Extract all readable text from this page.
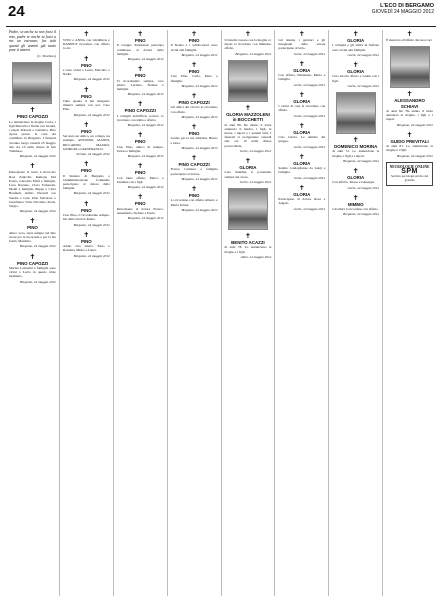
24	L'ECO DI BERGAMO
GIOVEDÌ 24 MAGGIO 2012

Padre, se anche tu non fossi il mio, padre se anche tu fossi a me un estraneo, fra tutti quanti gli uomini già tanto pure ti amerei.

(C. Sbarbaro)
✝
PINO CAPOZZI

Lo annunciano la moglie Lucia, i figli Marcello e Nadia con Gianni, i nipoti Roberta e Gianluca. Pino riposa presso la casa del commiato in Bergamo. I funerali avranno luogo venerdì 25 maggio alle ore 10 nella chiesa di San Tommaso.

Bergamo, 24 maggio 2012
✝

Partecipano al lutto: L'Avvocato Rosi Zanicchi, Ramona Dal Pozzo, Giacomo Mirri e famiglia, Luca Ravasio, Clara Tomasoni, Monti e famiglia, Beppe e Carla Bonfanti, Attilio Viscardi con Sandra e Lele, Pina Salvatore e Gianfranco Vatti, Nicoletta, Paola, Sergio.

Bergamo, 24 maggio 2012
✝
PINO

amico vero, sarai sempre nel mio cuore per la tua ironia e per la tua bontà. Massimo.

Bergamo, 24 maggio 2012
✝
PINO CAPOZZI

Marina Lazzarini e famiglia sono vicini a Lucia in questo triste momento.

Bergamo, 24 maggio 2012
✝

VITO e ANNA con GIORGIA e DANIELE ricordano con affetto lo zio

✝
PINO

e sono vicini a Lucia, Marcello e Nadia.

Bergamo, 24 maggio 2012
✝
PINO

Tutto quanto ci hai insegnato rimarrà sempre con noi. Ciao Pino.

Bergamo, 24 maggio 2012
✝
PINO

Sei stato un amico, un collega, un esempio. ANTONIO, GIANNI, RICCARDO, MAURO, GIORGIO e GIANFRANCO.

Seriate, 24 maggio 2012
✝
PINO

Il Sindaco di Bergamo e l'Amministrazione Comunale partecipano al dolore della famiglia.

Bergamo, 24 maggio 2012
✝
PINO

Ciao Pino, ti ricorderemo sempre. Gli amici del bar Roma.

Bergamo, 24 maggio 2012
✝
PINO

Addio caro amico. Enzo e Rosanna, Mirko e Laura.

Bergamo, 24 maggio 2012
✝
PINO

Il Gruppo Pensionati partecipa commosso al dolore della famiglia.

Bergamo, 24 maggio 2012
✝
PINO

Ti ricorderemo sempre, caro amico. Luciano, Tiziana e famiglia.

Bergamo, 24 maggio 2012
✝
PINO CAPOZZI

I colleghi dell'ufficio tecnico lo ricordano con stima e affetto.

Bergamo, 24 maggio 2012
✝
PINO

Ciao Pino, amico di sempre. Teresa e famiglia.

Bergamo, 24 maggio 2012
✝
PINO

Con tanto affetto, Marco e Giuliana con i figli.

Bergamo, 24 maggio 2012
✝
PINO

Partecipano al dolore Franco, Annamaria, Stefano e Paola.

Bergamo, 24 maggio 2012
✝
PINO

Il Notaio e i collaboratori sono vicini alla famiglia.

Bergamo, 24 maggio 2012
✝
PINO

Ciao Pino. Carlo, Piero e famiglie.

Bergamo, 24 maggio 2012
✝
PINO CAPOZZI

Gli amici del circolo lo ricordano con affetto.

Bergamo, 24 maggio 2012
✝
PINO

Grazie per la tua amicizia. Bruno e Gina.

Bergamo, 24 maggio 2012
✝
PINO CAPOZZI

Franco Cattaneo e famiglia partecipano al dolore.

Bergamo, 24 maggio 2012
✝
PINO

Lo ricordano con affetto Alberto e Maria Teresa.

Bergamo, 24 maggio 2012
✝

Il fratello Cesare con la moglie e i nipoti lo ricordano con immenso affetto.

Bergamo, 24 maggio 2012
✝
GLORIA MAZZOLENI in BOCCHETTI

di anni 86. Ne danno il triste annuncio il marito, i figli, le nuore, i nipoti e i parenti tutti. I funerali si svolgeranno venerdì alle ore 10 nella chiesa parrocchiale.

Gorle, 24 maggio 2012
✝
GLORIA

Ciao mamma, ti porteremo sempre nel cuore.

Gorle, 24 maggio 2012
✝
BENITO ACAZZI

di anni 78. Lo annunciano la moglie e i figli.

Almè, 24 maggio 2012
✝

Gli alunni, i genitori e gli insegnanti della scuola partecipano al lutto.

Gorle, 24 maggio 2012
✝
GLORIA

Con affetto, Emanuela, Mario e famiglia.

Gorle, 24 maggio 2012
✝
GLORIA

I vicini di casa la ricordano con affetto.

Gorle, 24 maggio 2012
✝
GLORIA

Ciao Gloria. Le amiche del gruppo.

Gorle, 24 maggio 2012
✝
GLORIA

Sentite condoglianze da Luigi e famiglia.

Gorle, 24 maggio 2012
✝
GLORIA

Partecipano al dolore Rosa e Angelo.

Gorle, 24 maggio 2012
✝
GLORIA

I colleghi e gli amici di Stefano sono vicini alla famiglia.

Gorle, 24 maggio 2012
✝
GLORIA

Ciao Gloria. Pietro e Giulia con i figli.

Gorle, 24 maggio 2012
✝
DOMENICO MORINA

di anni 72. Lo annunciano la moglie, i figli e i nipoti.

Bergamo, 24 maggio 2012
✝
GLORIA

Con affetto, Teresa e Giuseppe.

Gorle, 24 maggio 2012
✝
MIMMO

Gli amici lo ricordano con affetto.

Bergamo, 24 maggio 2012
✝

È mancato all'affetto dei suoi cari

✝
ALESSANDRO SCHIAVI

di anni 84. Ne danno il triste annuncio la moglie, i figli e i nipoti.

Bergamo, 24 maggio 2012
✝
GUIDO PREVITALI

di anni 81. Lo annunciano la moglie e i figli.

Bergamo, 24 maggio 2012
NECROLOGIE ONLINE
SPM
Servizio necrologie sul sito del giornale
